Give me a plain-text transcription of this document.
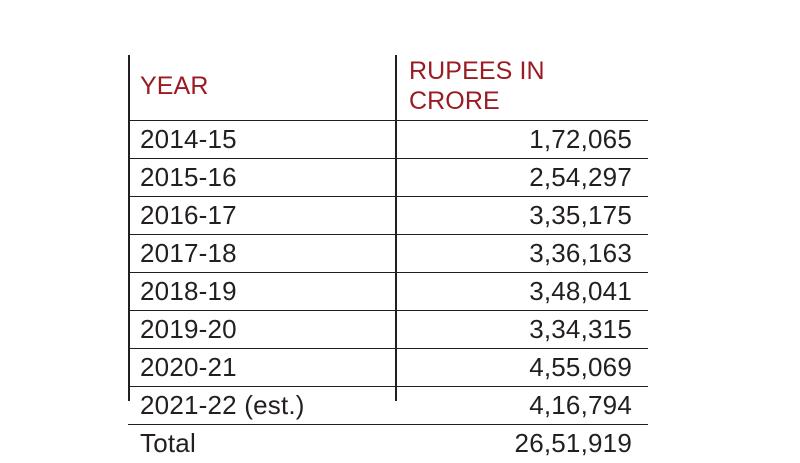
YEAR	RUPEES IN CRORE
2014-15	1,72,065
2015-16	2,54,297
2016-17	3,35,175
2017-18	3,36,163
2018-19	3,48,041
2019-20	3,34,315
2020-21	4,55,069
2021-22 (est.)	4,16,794
Total	26,51,919
